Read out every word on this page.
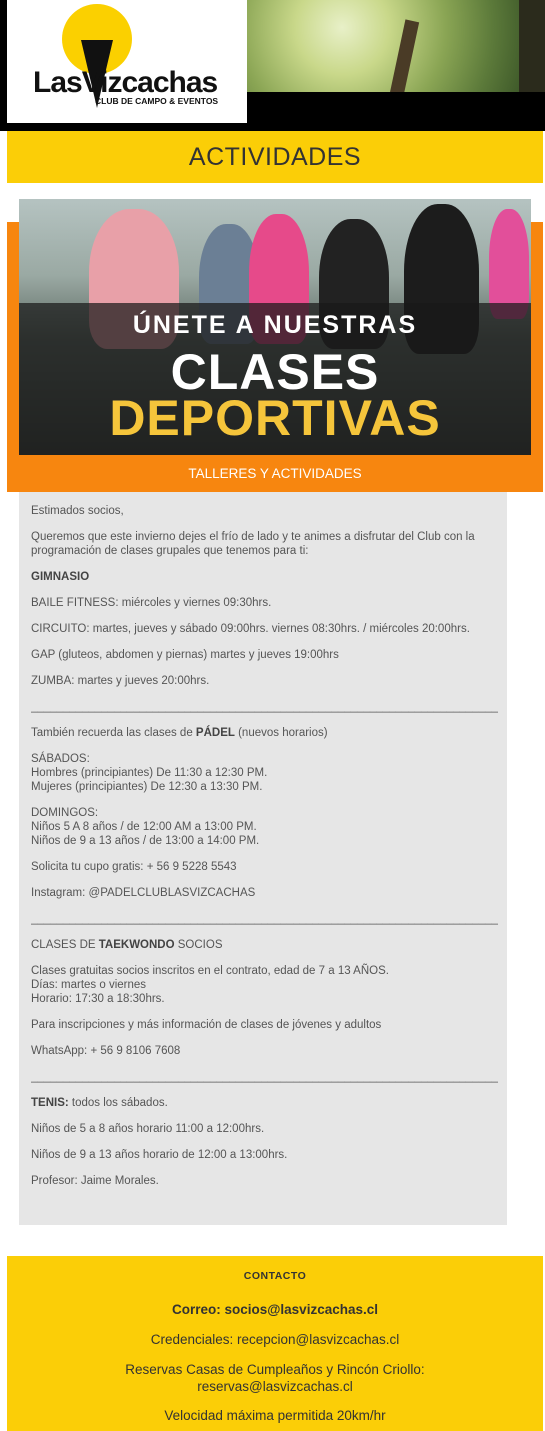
LasVizcachas
CLUB DE CAMPO & EVENTOS
ACTIVIDADES
ÚNETE A NUESTRAS
CLASES
DEPORTIVAS
TALLERES Y ACTIVIDADES

Estimados socios,

Queremos que este invierno dejes el frío de lado y te animes a disfrutar del Club con la programación de clases grupales que tenemos para ti:

GIMNASIO

BAILE FITNESS: miércoles y viernes 09:30hrs.

CIRCUITO: martes, jueves y sábado 09:00hrs. viernes 08:30hrs. / miércoles 20:00hrs.

GAP (gluteos, abdomen y piernas) martes y jueves 19:00hrs

ZUMBA: martes y jueves 20:00hrs.

_________________________________________________________________________

También recuerda las clases de PÁDEL (nuevos horarios)

SÁBADOS:
Hombres (principiantes) De 11:30 a 12:30 PM.
Mujeres (principiantes) De 12:30 a 13:30 PM.

DOMINGOS:
Niños 5 A 8 años / de 12:00 AM a 13:00 PM.
Niños de 9 a 13 años / de 13:00 a 14:00 PM.

Solicita tu cupo gratis: + 56 9 5228 5543

Instagram: @PADELCLUBLASVIZCACHAS

_________________________________________________________________________

CLASES DE TAEKWONDO SOCIOS

Clases gratuitas socios inscritos en el contrato, edad de 7 a 13 AÑOS.
Días: martes o viernes
Horario: 17:30 a 18:30hrs.

Para inscripciones y más información de clases de jóvenes y adultos

WhatsApp: + 56 9 8106 7608

_________________________________________________________________________

TENIS: todos los sábados.

Niños de 5 a 8 años horario 11:00 a 12:00hrs.

Niños de 9 a 13 años horario de 12:00 a 13:00hrs.

Profesor: Jaime Morales.

CONTACTO
Correo: socios@lasvizcachas.cl
Credenciales: recepcion@lasvizcachas.cl
Reservas Casas de Cumpleaños y Rincón Criollo:
reservas@lasvizcachas.cl
Velocidad máxima permitida 20km/hr
